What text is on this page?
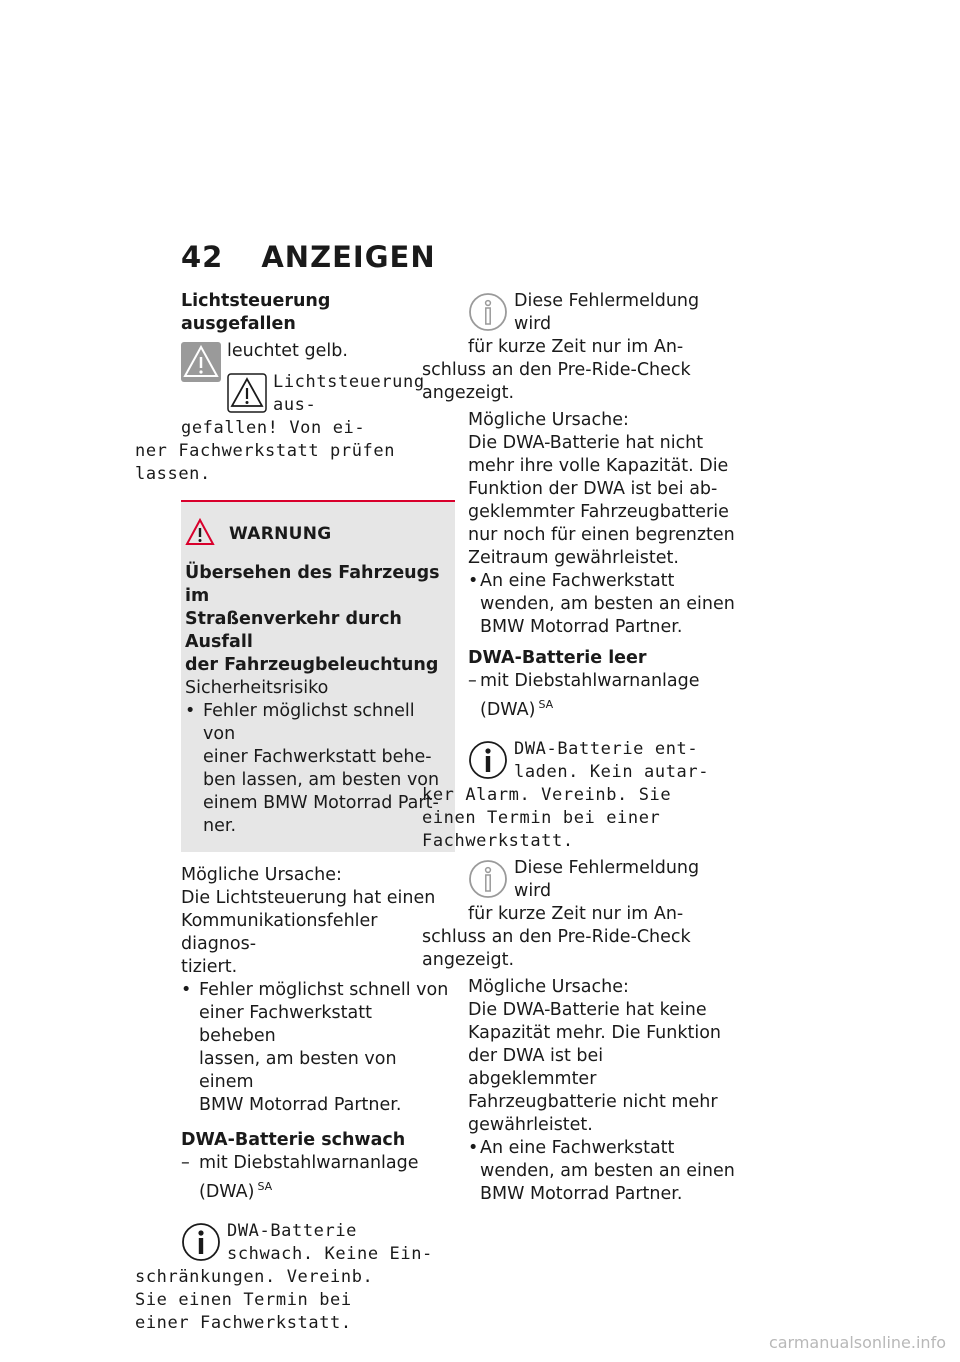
42 ANZEIGEN

Lichtsteuerung ausgefallen

leuchtet gelb.

Lichtsteuerung aus-

gefallen! Von ei-

ner Fachwerkstatt prüfen

lassen.

WARNUNG

Übersehen des Fahrzeugs im

Straßenverkehr durch Ausfall

der Fahrzeugbeleuchtung

Sicherheitsrisiko

• Fehler möglichst schnell von

einer Fachwerkstatt behe-

ben lassen, am besten von

einem BMW Motorrad Part-

ner.

Mögliche Ursache:

Die Lichtsteuerung hat einen

Kommunikationsfehler diagnos-

tiziert.

• Fehler möglichst schnell von

einer Fachwerkstatt beheben

lassen, am besten von einem

BMW Motorrad Partner.

DWA-Batterie schwach

– mit Diebstahlwarnanlage

(DWA) $^{SA}$

DWA-Batterie

schwach. Keine Ein-

schränkungen. Vereinb.

Sie einen Termin bei

einer Fachwerkstatt.

Diese Fehlermeldung wird

für kurze Zeit nur im An-

schluss an den Pre-Ride-Check

angezeigt.

Mögliche Ursache:

Die DWA-Batterie hat nicht

mehr ihre volle Kapazität. Die

Funktion der DWA ist bei ab-

geklemmter Fahrzeugbatterie

nur noch für einen begrenzten

Zeitraum gewährleistet.

•An eine Fachwerkstatt

wenden, am besten an einen

BMW Motorrad Partner.

DWA-Batterie leer

– mit Diebstahlwarnanlage

(DWA) $^{SA}$

DWA-Batterie ent-

laden. Kein autar-

ker Alarm. Vereinb. Sie

einen Termin bei einer

Fachwerkstatt.

Diese Fehlermeldung wird

für kurze Zeit nur im An-

schluss an den Pre-Ride-Check

angezeigt.

Mögliche Ursache:

Die DWA-Batterie hat keine

Kapazität mehr. Die Funktion

der DWA ist bei abgeklemmter

Fahrzeugbatterie nicht mehr

gewährleistet.

•An eine Fachwerkstatt

wenden, am besten an einen

BMW Motorrad Partner.

carmanualsonline.info
